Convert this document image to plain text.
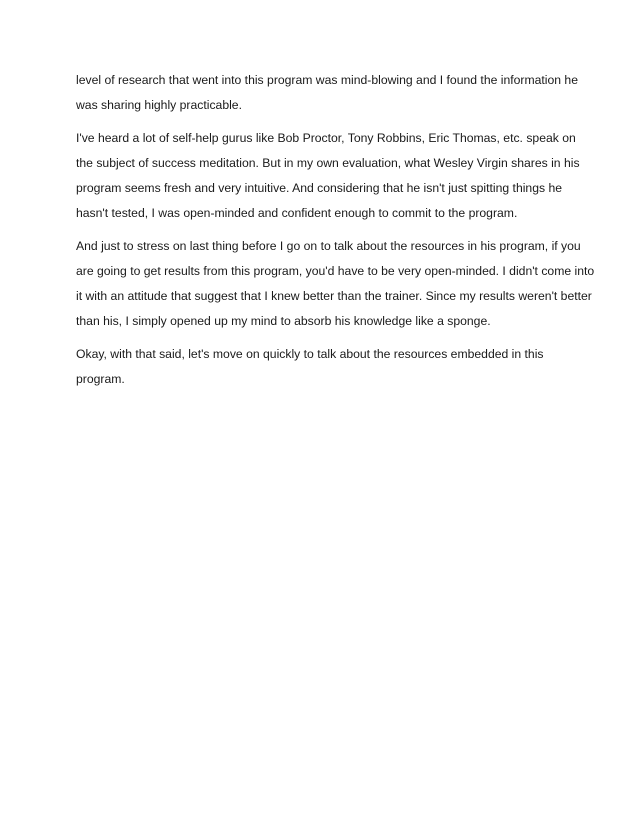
level of research that went into this program was mind-blowing and I found the information he
was sharing highly practicable.

I've heard a lot of self-help gurus like Bob Proctor, Tony Robbins, Eric Thomas, etc. speak on
the subject of success meditation. But in my own evaluation, what Wesley Virgin shares in his
program seems fresh and very intuitive. And considering that he isn't just spitting things he
hasn't tested, I was open-minded and confident enough to commit to the program.

And just to stress on last thing before I go on to talk about the resources in his program, if you
are going to get results from this program, you'd have to be very open-minded. I didn't come into
it with an attitude that suggest that I knew better than the trainer. Since my results weren't better
than his, I simply opened up my mind to absorb his knowledge like a sponge.

Okay, with that said, let's move on quickly to talk about the resources embedded in this
program.
